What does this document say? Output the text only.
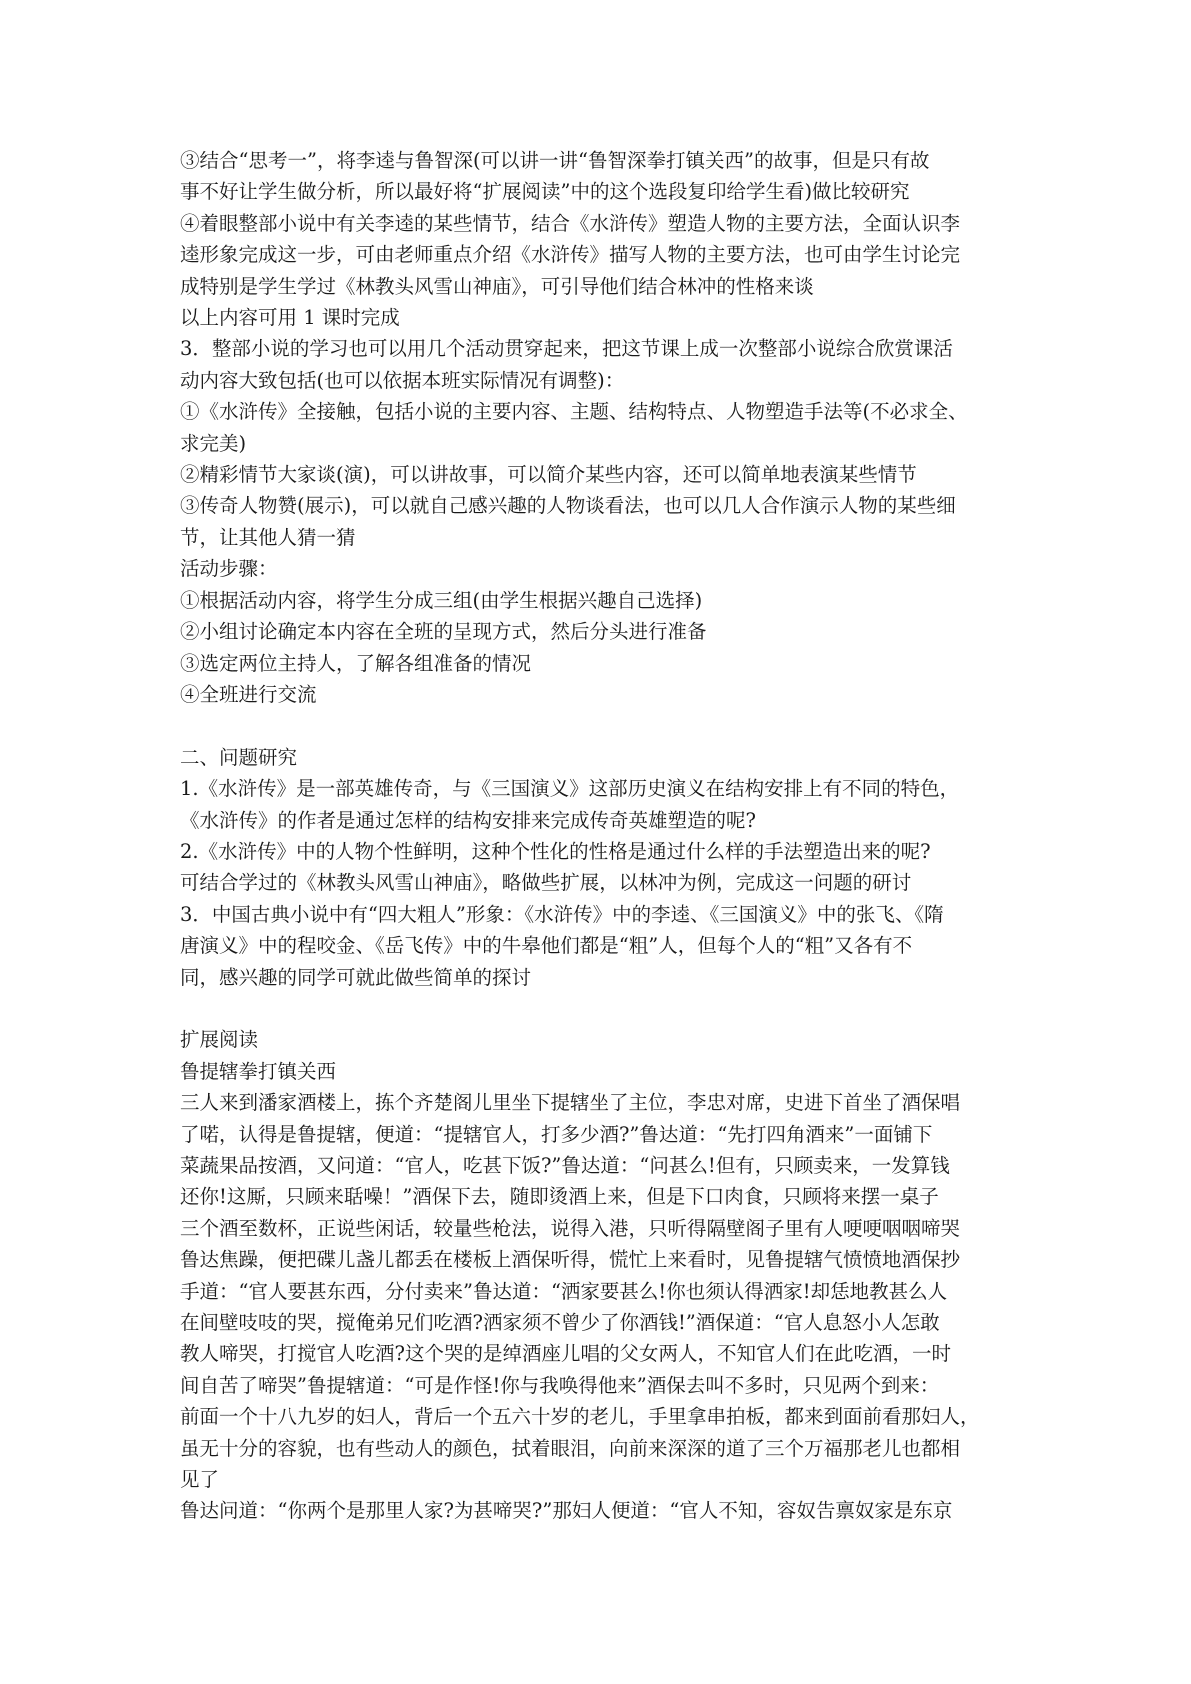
③结合“思考一”，将李逵与鲁智深(可以讲一讲“鲁智深拳打镇关西”的故事，但是只有故

事不好让学生做分析，所以最好将“扩展阅读”中的这个选段复印给学生看)做比较研究

④着眼整部小说中有关李逵的某些情节，结合《水浒传》塑造人物的主要方法，全面认识李

逵形象完成这一步，可由老师重点介绍《水浒传》描写人物的主要方法，也可由学生讨论完

成特别是学生学过《林教头风雪山神庙》，可引导他们结合林冲的性格来谈

以上内容可用 1 课时完成

3．整部小说的学习也可以用几个活动贯穿起来，把这节课上成一次整部小说综合欣赏课活

动内容大致包括(也可以依据本班实际情况有调整)：

①《水浒传》全接触，包括小说的主要内容、主题、结构特点、人物塑造手法等(不必求全、

求完美)

②精彩情节大家谈(演)，可以讲故事，可以简介某些内容，还可以简单地表演某些情节

③传奇人物赞(展示)，可以就自己感兴趣的人物谈看法，也可以几人合作演示人物的某些细

节，让其他人猜一猜

活动步骤：

①根据活动内容，将学生分成三组(由学生根据兴趣自己选择)

②小组讨论确定本内容在全班的呈现方式，然后分头进行准备

③选定两位主持人，了解各组准备的情况

④全班进行交流

二、问题研究

1.《水浒传》是一部英雄传奇，与《三国演义》这部历史演义在结构安排上有不同的特色，

《水浒传》的作者是通过怎样的结构安排来完成传奇英雄塑造的呢?

2.《水浒传》中的人物个性鲜明，这种个性化的性格是通过什么样的手法塑造出来的呢?

可结合学过的《林教头风雪山神庙》，略做些扩展，以林冲为例，完成这一问题的研讨

3．中国古典小说中有“四大粗人”形象：《水浒传》中的李逵、《三国演义》中的张飞、《隋

唐演义》中的程咬金、《岳飞传》中的牛皋他们都是“粗”人，但每个人的“粗”又各有不

同，感兴趣的同学可就此做些简单的探讨

扩展阅读

鲁提辖拳打镇关西

三人来到潘家酒楼上，拣个齐楚阁儿里坐下提辖坐了主位，李忠对席，史进下首坐了酒保唱

了喏，认得是鲁提辖，便道：“提辖官人，打多少酒?”鲁达道：“先打四角酒来”一面铺下

菜蔬果品按酒，又问道：“官人，吃甚下饭?”鲁达道：“问甚么!但有，只顾卖来，一发算钱

还你!这厮，只顾来聒噪！”酒保下去，随即烫酒上来，但是下口肉食，只顾将来摆一桌子

三个酒至数杯，正说些闲话，较量些枪法，说得入港，只听得隔壁阁子里有人哽哽咽咽啼哭

鲁达焦躁，便把碟儿盏儿都丢在楼板上酒保听得，慌忙上来看时，见鲁提辖气愤愤地酒保抄

手道：“官人要甚东西，分付卖来”鲁达道：“洒家要甚么!你也须认得洒家!却恁地教甚么人

在间壁吱吱的哭，搅俺弟兄们吃酒?洒家须不曾少了你酒钱!”酒保道：“官人息怒小人怎敢

教人啼哭，打搅官人吃酒?这个哭的是绰酒座儿唱的父女两人，不知官人们在此吃酒，一时

间自苦了啼哭”鲁提辖道：“可是作怪!你与我唤得他来”酒保去叫不多时，只见两个到来：

前面一个十八九岁的妇人，背后一个五六十岁的老儿，手里拿串拍板，都来到面前看那妇人，

虽无十分的容貌，也有些动人的颜色，拭着眼泪，向前来深深的道了三个万福那老儿也都相

见了

鲁达问道：“你两个是那里人家?为甚啼哭?”那妇人便道：“官人不知，容奴告禀奴家是东京
